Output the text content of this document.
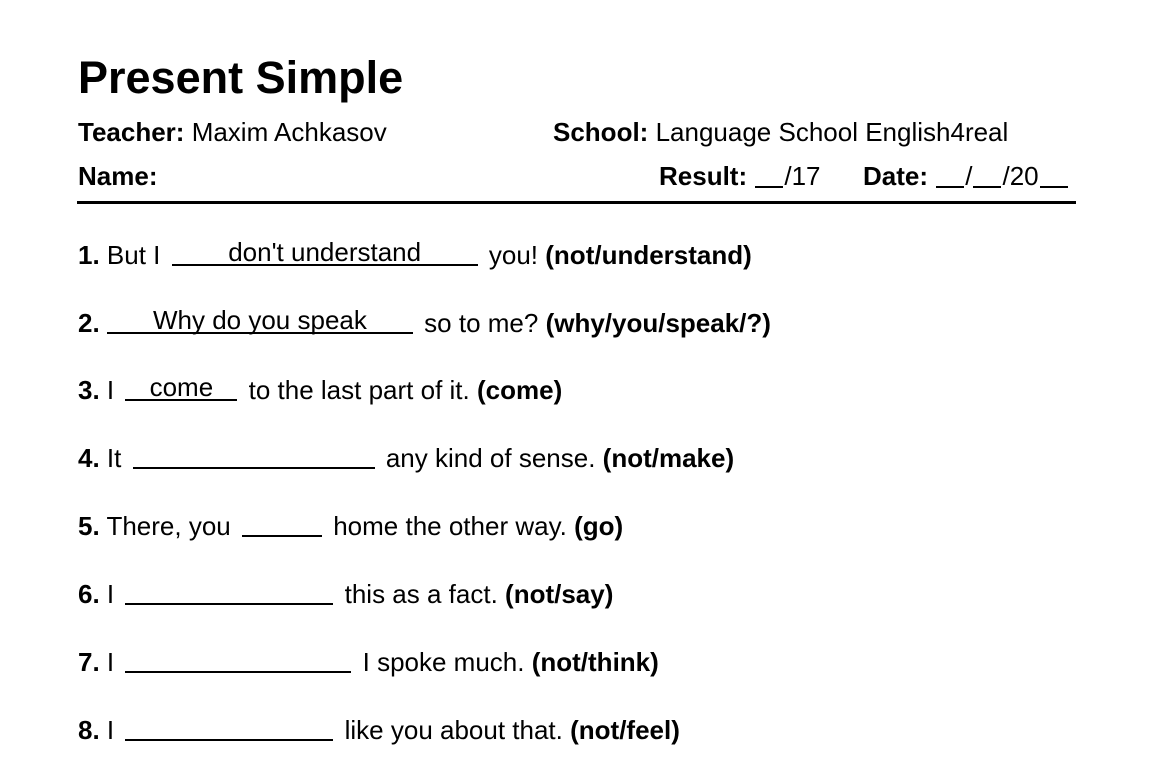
Present Simple
Teacher: Maxim Achkasov	School: Language School English4real
Name:	Result: /17 Date: / /20
1. But I	don't understand	you! (not/understand)
2.	Why do you speak	so to me? (why/you/speak/?)
3. I	come	to the last part of it. (come)
4. It	any kind of sense. (not/make)
5. There, you	home the other way. (go)
6. I	this as a fact. (not/say)
7. I	I spoke much. (not/think)
8. I	like you about that. (not/feel)
